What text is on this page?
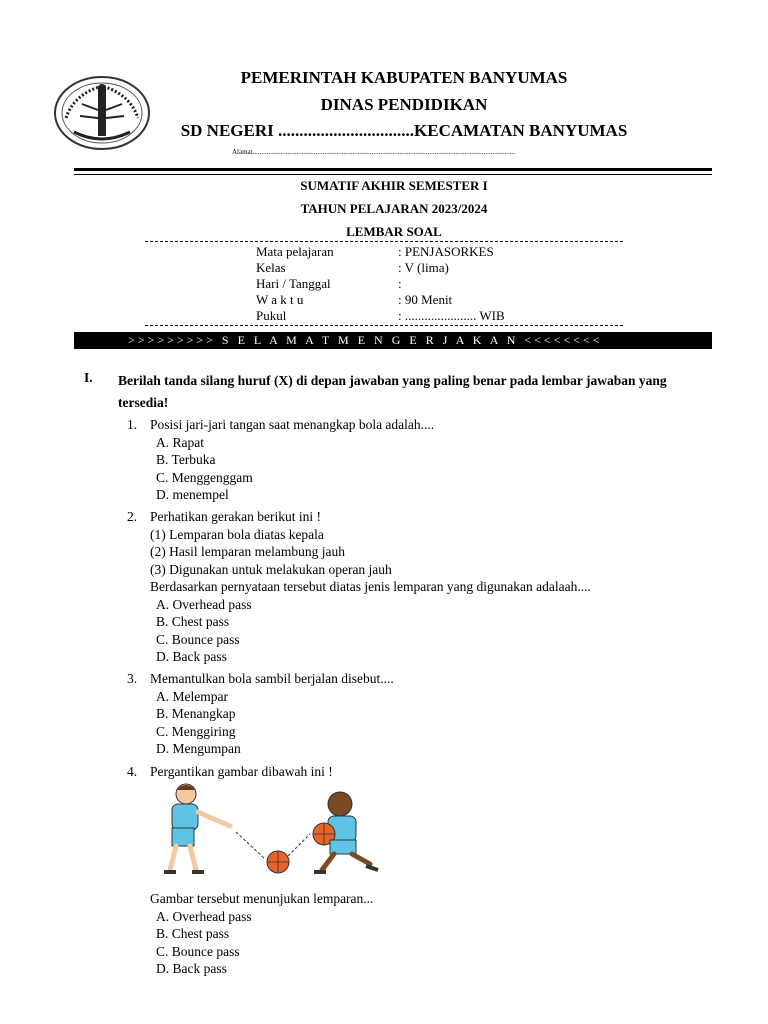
PEMERINTAH KABUPATEN BANYUMAS
DINAS PENDIDIKAN
SD NEGERI ................................KECAMATAN BANYUMAS
Alamat......................................................................................................................................................
SUMATIF AKHIR SEMESTER I
TAHUN PELAJARAN 2023/2024
LEMBAR SOAL
Mata pelajaran	: PENJASORKES
Kelas	: V (lima)
Hari / Tanggal	:
W a k t u	: 90 Menit
Pukul	: ...................... WIB
>>>>>>>>> S E L A M A T M E N G E R J A K A N <<<<<<<<
I. Berilah tanda silang huruf (X) di depan jawaban yang paling benar pada lembar jawaban yang tersedia!
1. Posisi jari-jari tangan saat menangkap bola adalah....
A. Rapat
B. Terbuka
C. Menggenggam
D. menempel
2. Perhatikan gerakan berikut ini !
(1) Lemparan bola diatas kepala
(2) Hasil lemparan melambung jauh
(3) Digunakan untuk melakukan operan jauh
Berdasarkan pernyataan tersebut diatas jenis lemparan yang digunakan adalaah....
A. Overhead pass
B. Chest pass
C. Bounce pass
D. Back pass
3. Memantulkan bola sambil berjalan disebut....
A. Melempar
B. Menangkap
C. Menggiring
D. Mengumpan
4. Pergantikan gambar dibawah ini !
Gambar tersebut menunjukan lemparan...
A. Overhead pass
B. Chest pass
C. Bounce pass
D. Back pass
